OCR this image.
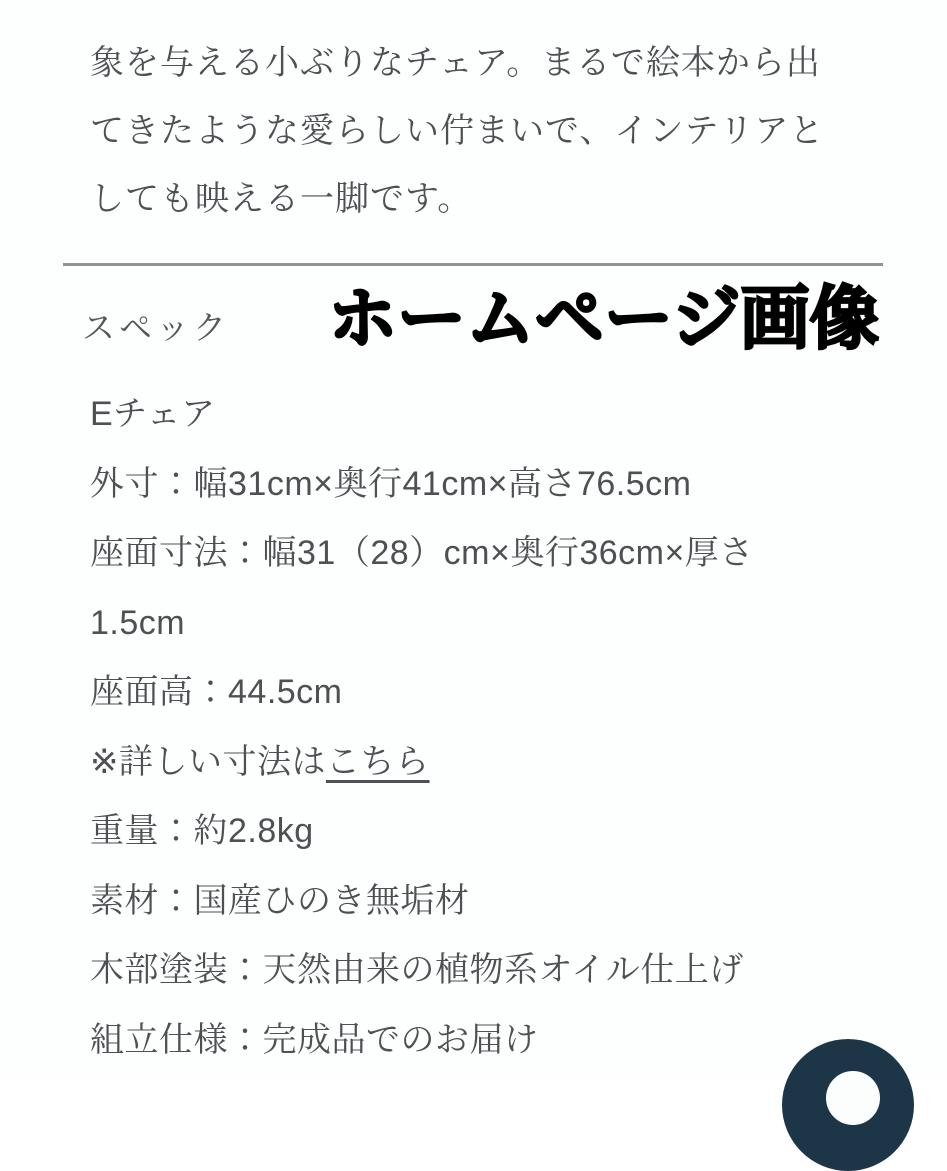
象を与える小ぶりなチェア。まるで絵本から出
てきたような愛らしい佇まいで、インテリアと
しても映える一脚です。
スペック ホームページ画像
Eチェア
外寸：幅31cm×奥行41cm×高さ76.5cm
座面寸法：幅31（28）cm×奥行36cm×厚さ
1.5cm
座面高：44.5cm
※詳しい寸法はこちら
重量：約2.8kg
素材：国産ひのき無垢材
木部塗装：天然由来の植物系オイル仕上げ
組立仕様：完成品でのお届け
